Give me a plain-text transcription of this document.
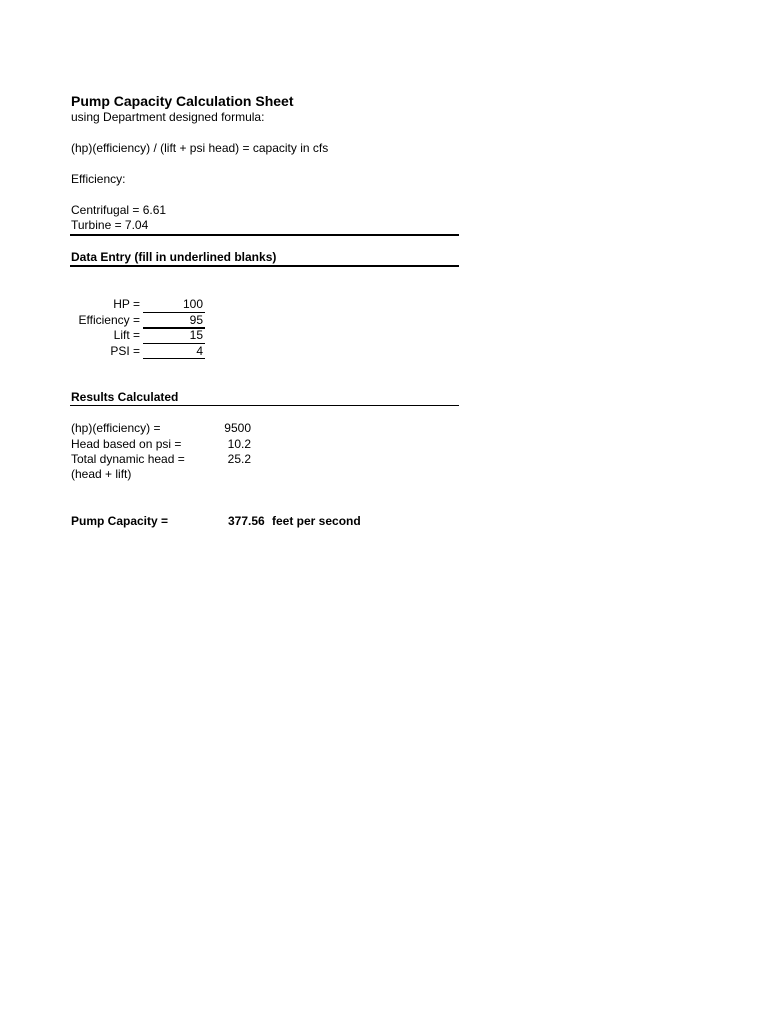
Pump Capacity Calculation Sheet
using Department designed formula:
(hp)(efficiency) / (lift + psi head) = capacity in cfs
Efficiency:
Centrifugal = 6.61
Turbine = 7.04
Data Entry (fill in underlined blanks)
HP =	100
Efficiency =	95
Lift =	15
PSI =	4
Results Calculated
(hp)(efficiency) =	9500
Head based on psi =	10.2
Total dynamic head =	25.2
(head + lift)
Pump Capacity =	377.56 feet per second
